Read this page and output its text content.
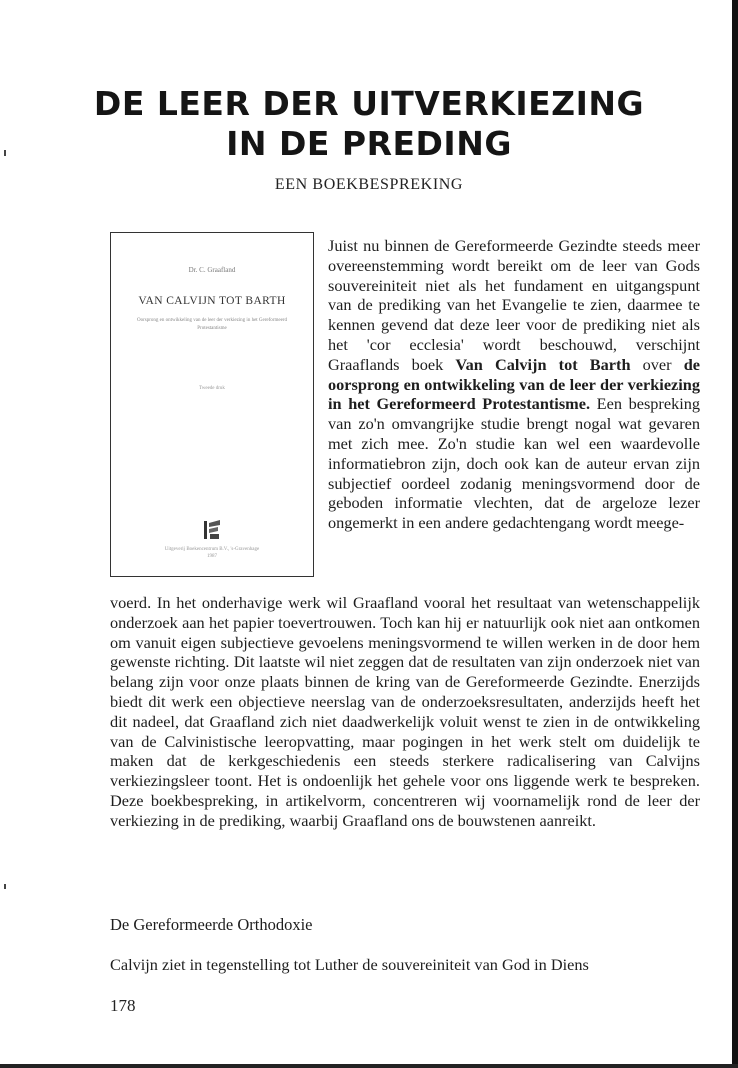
DE LEER DER UITVERKIEZING
IN DE PREDING
EEN BOEKBESPREKING
Dr. C. Graafland
VAN CALVIJN TOT BARTH
Oorsprong en ontwikkeling van de leer der verkiezing in het Gereformeerd Protestantisme
Tweede druk
Uitgeverij Boekencentrum B.V., 's-Gravenhage
1987

Juist nu binnen de Gereformeerde Gezindte steeds meer overeenstemming wordt bereikt om de leer van Gods souvereiniteit niet als het fundament en uitgangspunt van de prediking van het Evangelie te zien, daarmee te kennen gevend dat deze leer voor de prediking niet als het 'cor ecclesia' wordt beschouwd, verschijnt Graaflands boek Van Calvijn tot Barth over de oorsprong en ontwikkeling van de leer der verkiezing in het Gereformeerd Protestantisme. Een bespreking van zo'n omvangrijke studie brengt nogal wat gevaren met zich mee. Zo'n studie kan wel een waardevolle informatiebron zijn, doch ook kan de auteur ervan zijn subjectief oordeel zodanig meningsvormend door de geboden informatie vlechten, dat de argeloze lezer ongemerkt in een andere gedachtengang wordt meege-

voerd. In het onderhavige werk wil Graafland vooral het resultaat van wetenschappelijk onderzoek aan het papier toevertrouwen. Toch kan hij er natuurlijk ook niet aan ontkomen om vanuit eigen subjectieve gevoelens meningsvormend te willen werken in de door hem gewenste richting. Dit laatste wil niet zeggen dat de resultaten van zijn onderzoek niet van belang zijn voor onze plaats binnen de kring van de Gereformeerde Gezindte. Enerzijds biedt dit werk een objectieve neerslag van de onderzoeksresultaten, anderzijds heeft het dit nadeel, dat Graafland zich niet daadwerkelijk voluit wenst te zien in de ontwikkeling van de Calvinistische leeropvatting, maar pogingen in het werk stelt om duidelijk te maken dat de kerkgeschiedenis een steeds sterkere radicalisering van Calvijns verkiezingsleer toont. Het is ondoenlijk het gehele voor ons liggende werk te bespreken. Deze boekbespreking, in artikelvorm, concentreren wij voornamelijk rond de leer der verkiezing in de prediking, waarbij Graafland ons de bouwstenen aanreikt.

De Gereformeerde Orthodoxie
Calvijn ziet in tegenstelling tot Luther de souvereiniteit van God in Diens
178
